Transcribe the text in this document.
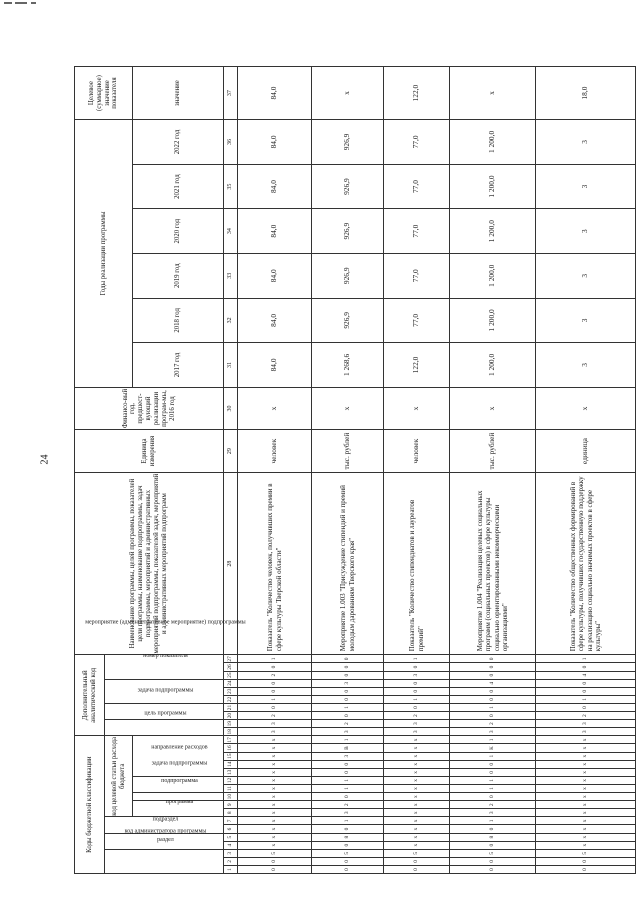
24
Коды бюджетной классификации																	Дополнительный аналитический код										Наименование программы, целей программы, показателей цели программы, наименование подпрограммы, задач подпрограммы, мероприятий и административных мероприятий подпрограммы, показателей задач, мероприятий и административных мероприятий подпрограмм	Единица измерения	Финансо-вый год, предшест-вующий реализации програм-мы, 2016 год	Годы реализации программы						Целевое (суммарное) значение показателя
код администратора программы			раздел		подраздел		код целевой статьи расхода бюджета										цель программы		задача подпрограммы		мероприятие (административное мероприятие) подпрограммы			номер показателя												
							программа		подпрограмма	задача подпрограммы		направление расходов																		2017 год	2018 год	2019 год	2020 год	2021 год	2022 год	значение

1	2	3	4	5	6	7	8	9	10	11	12	13	14	15	16	17	18	19	20	21	22	23	24	25	26	27	28	29	30	31	32	33	34	35	36	37
0	0	5	x	x	x	x	x	x	x	x	x	x	x	x	x	x	3	3	2	0	1	0	0	2	0	1	Показатель "Количество человек, получивших премии в сфере культуры Тверской области"	человек	х	84,0	84,0	84,0	84,0	84,0	84,0	84,0
0	0	5	0	8	0	1	3	2	0	1	1	0	0	3	В	1	3	2	0	1	0	0	3	0	0	0	Мероприятие 1.003 "Присуждение стипендий и премий молодым дарованиям Тверского края"	тыс. рублей	х	1 268,6	926,9	926,9	926,9	926,9	926,9	х
0	0	5	x	x	x	x	x	x	x	x	x	x	x	x	x	x	3	3	2	0	1	0	0	3	0	1	Показатель "Количество стипендиатов и лауреатов премий"	человек	х	122,0	77,0	77,0	77,0	77,0	77,0	122,0
0	0	5	0	8	0	1	3	2	0	1	1	0	0	1	К	1	3	2	0	1	0	0	4	0	0	0	Мероприятие 1.004 "Реализация целевых социальных программ (социальных проектов) в сфере культуры социально ориентированными некоммерческими организациями"	тыс. рублей	х	1 200,0	1 200,0	1 200,0	1 200,0	1 200,0	1 200,0	х
0	0	5	x	x	x	x	x	x	x	x	x	x	x	x	x	x	3	3	2	0	1	0	0	4	0	1	Показатель "Количество общественных формирований в сфере культуры, получивших государственную поддержку на реализацию социально значимых проектов в сфере культуры"	единица	х	3	3	3	3	3	3	18,0
